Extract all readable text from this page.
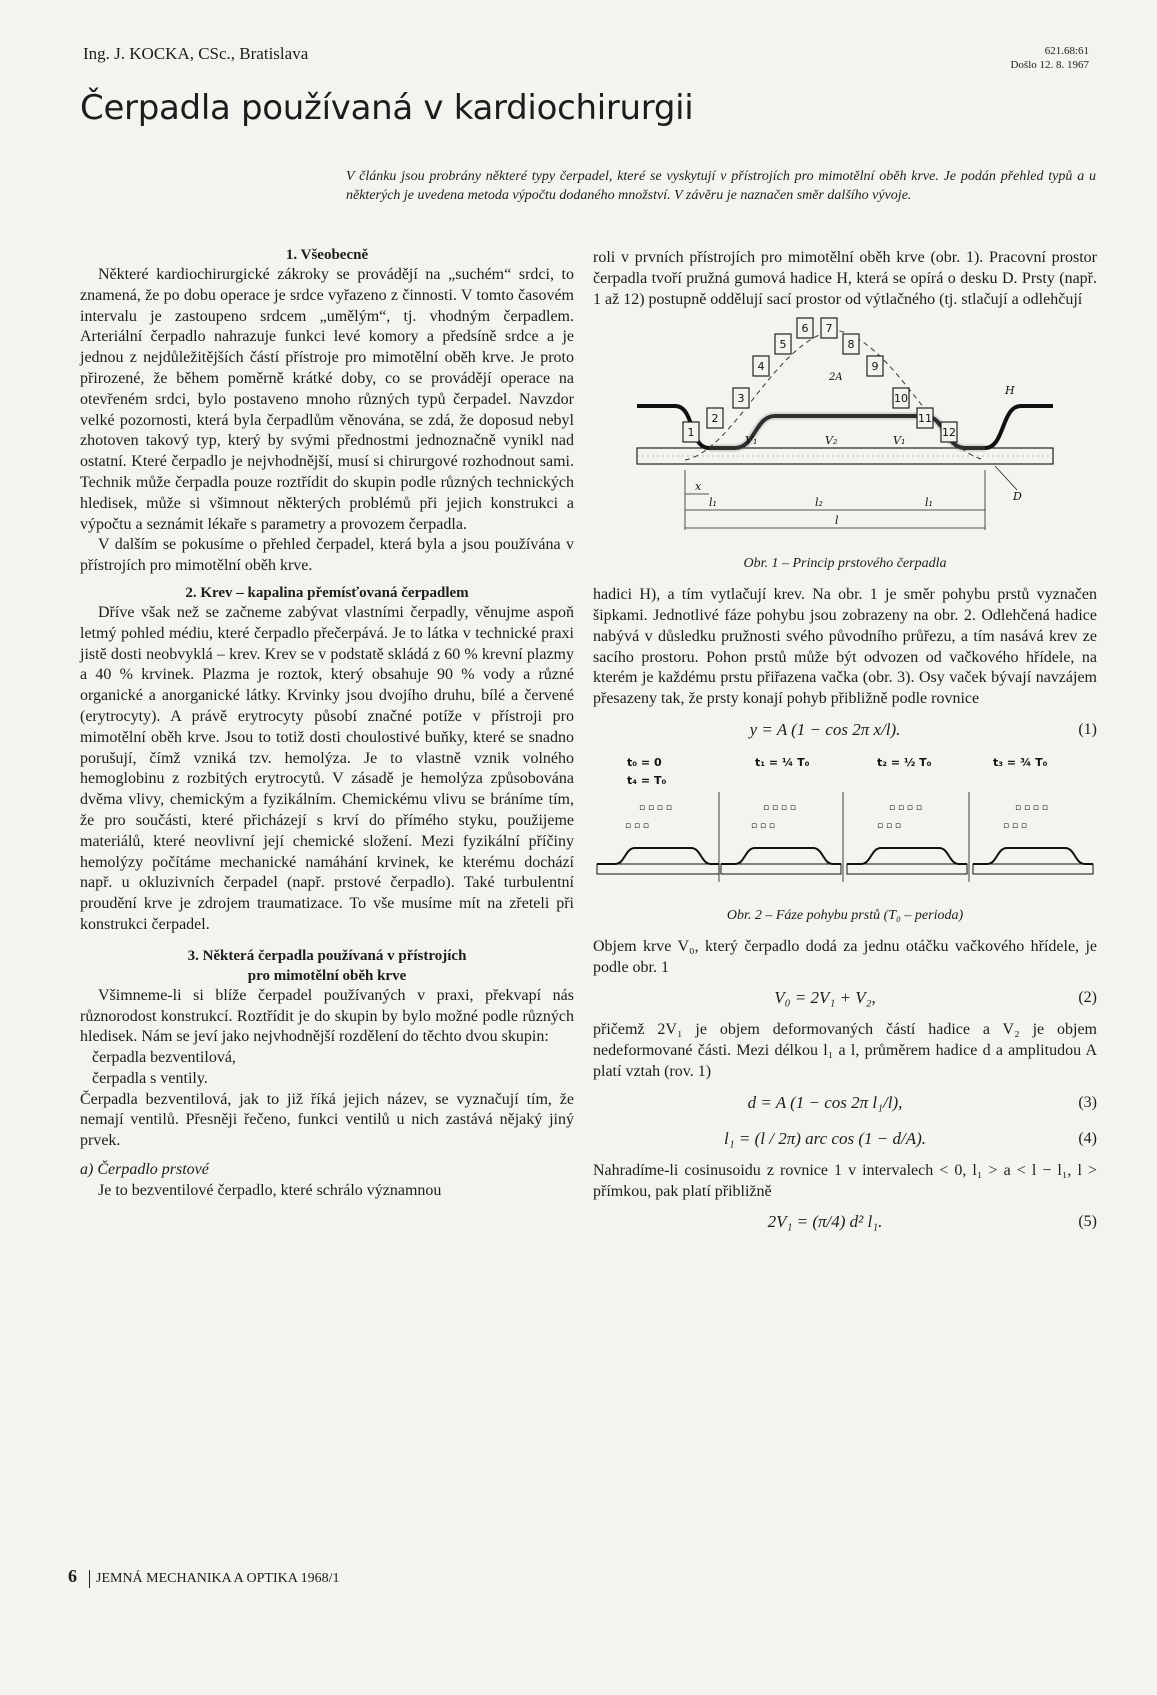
Ing. J. KOCKA, CSc., Bratislava	621.68:61
Došlo 12. 8. 1967
Čerpadla používaná v kardiochirurgii
V článku jsou probrány některé typy čerpadel, které se vyskytují v přístrojích pro mimotělní oběh krve. Je podán přehled typů a u některých je uvedena metoda výpočtu dodaného množství. V závěru je naznačen směr dalšího vývoje.
1. Všeobecně

Některé kardiochirurgické zákroky se provádějí na „suchém“ srdci, to znamená, že po dobu operace je srdce vyřazeno z činnosti. V tomto časovém intervalu je zastoupeno srdcem „umělým“, tj. vhodným čerpadlem. Arteriální čerpadlo nahrazuje funkci levé komory a předsíně srdce a je jednou z nejdůležitějších částí přístroje pro mimotělní oběh krve. Je proto přirozené, že během poměrně krátké doby, co se provádějí operace na otevřeném srdci, bylo postaveno mnoho různých typů čerpadel. Navzdor velké pozornosti, která byla čerpadlům věnována, se zdá, že doposud nebyl zhotoven takový typ, který by svými přednostmi jednoznačně vynikl nad ostatní. Které čerpadlo je nejvhodnější, musí si chirurgové rozhodnout sami. Technik může čerpadla pouze roztřídit do skupin podle různých technických hledisek, může si všimnout některých problémů při jejich konstrukci a výpočtu a seznámit lékaře s parametry a provozem čerpadla.

V dalším se pokusíme o přehled čerpadel, která byla a jsou používána v přístrojích pro mimotělní oběh krve.

2. Krev – kapalina přemísťovaná čerpadlem

Dříve však než se začneme zabývat vlastními čerpadly, věnujme aspoň letmý pohled médiu, které čerpadlo přečerpává. Je to látka v technické praxi jistě dosti neobvyklá – krev. Krev se v podstatě skládá z 60 % krevní plazmy a 40 % krvinek. Plazma je roztok, který obsahuje 90 % vody a různé organické a anorganické látky. Krvinky jsou dvojího druhu, bílé a červené (erytrocyty). A právě erytrocyty působí značné potíže v přístroji pro mimotělní oběh krve. Jsou to totiž dosti choulostivé buňky, které se snadno porušují, čímž vzniká tzv. hemolýza. Je to vlastně vznik volného hemoglobinu z rozbitých erytrocytů. V zásadě je hemolýza způsobována dvěma vlivy, chemickým a fyzikálním. Chemickému vlivu se bráníme tím, že pro součásti, které přicházejí s krví do přímého styku, použijeme materiálů, které neovlivní její chemické složení. Mezi fyzikální příčiny hemolýzy počítáme mechanické namáhání krvinek, ke kterému dochází např. u okluzivních čerpadel (např. prstové čerpadlo). Také turbulentní proudění krve je zdrojem traumatizace. To vše musíme mít na zřeteli při konstrukci čerpadel.

3. Některá čerpadla používaná v přístrojích
pro mimotělní oběh krve

Všimneme-li si blíže čerpadel používaných v praxi, překvapí nás různorodost konstrukcí. Roztřídit je do skupin by bylo možné podle různých hledisek. Nám se jeví jako nejvhodnější rozdělení do těchto dvou skupin:

čerpadla bezventilová,

čerpadla s ventily.

Čerpadla bezventilová, jak to již říká jejich název, se vyznačují tím, že nemají ventilů. Přesněji řečeno, funkci ventilů u nich zastává nějaký jiný prvek.

a) Čerpadlo prstové

Je to bezventilové čerpadlo, které schrálo významnou

roli v prvních přístrojích pro mimotělní oběh krve (obr. 1). Pracovní prostor čerpadla tvoří pružná gumová hadice H, která se opírá o desku D. Prsty (např. 1 až 12) postupně oddělují sací prostor od výtlačného (tj. stlačují a odlehčují

1
2
3
4
5
6 7
8
9
10
11
12
H
D
V₁	V₂	V₁
2A
x
l₁	l₂	l₁
l
Obr. 1 – Princip prstového čerpadla

hadici H), a tím vytlačují krev. Na obr. 1 je směr pohybu prstů vyznačen šipkami. Jednotlivé fáze pohybu jsou zobrazeny na obr. 2. Odlehčená hadice nabývá v důsledku pružnosti svého původního průřezu, a tím nasává krev ze sacího prostoru. Pohon prstů může být odvozen od vačkového hřídele, na kterém je každému prstu přiřazena vačka (obr. 3). Osy vaček bývají navzájem přesazeny tak, že prsty konají pohyb přibližně podle rovnice

y = A (1 − cos 2π x/l).	(1)
t₀ = 0
t₄ = T₀
t₁ = ¼ T₀	t₂ = ½ T₀	t₃ = ¾ T₀
▫ ▫ ▫
▫ ▫ ▫ ▫
▫ ▫ ▫
▫ ▫ ▫ ▫
▫ ▫ ▫
▫ ▫ ▫ ▫
▫ ▫ ▫
▫ ▫ ▫ ▫
Obr. 2 – Fáze pohybu prstů (T₀ – perioda)

Objem krve V₀, který čerpadlo dodá za jednu otáčku vačkového hřídele, je podle obr. 1

V₀ = 2V₁ + V₂,	(2)

přičemž 2V₁ je objem deformovaných částí hadice a V₂ je objem nedeformované části. Mezi délkou l₁ a l, průměrem hadice d a amplitudou A platí vztah (rov. 1)

d = A (1 − cos 2π l₁/l),	(3)
l₁ = (l / 2π) arc cos (1 − d/A).	(4)

Nahradíme-li cosinusoidu z rovnice 1 v intervalech < 0, l₁ > a < l − l₁, l > přímkou, pak platí přibližně

2V₁ = (π/4) d² l₁.	(5)
6 JEMNÁ MECHANIKA A OPTIKA 1968/1
